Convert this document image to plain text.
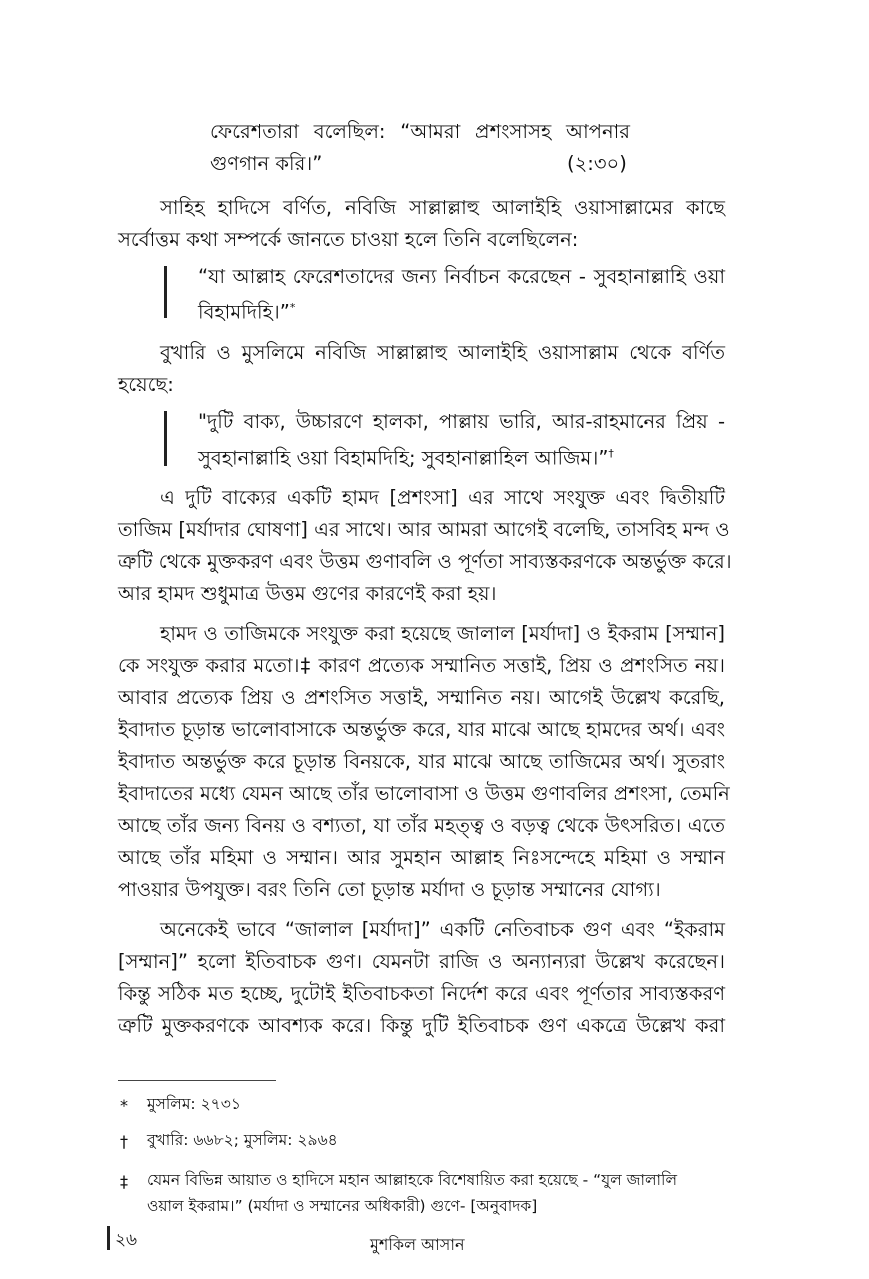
ফেরেশতারা বলেছিল: “আমরা প্রশংসাসহ আপনার
গুণগান করি।”	(২:৩০)
সাহিহ হাদিসে বর্ণিত, নবিজি সাল্লাল্লাহু আলাইহি ওয়াসাল্লামের কাছে
সর্বোত্তম কথা সম্পর্কে জানতে চাওয়া হলে তিনি বলেছিলেন:
“যা আল্লাহ ফেরেশতাদের জন্য নির্বাচন করেছেন - সুবহানাল্লাহি ওয়া
বিহামদিহি।”*
বুখারি ও মুসলিমে নবিজি সাল্লাল্লাহু আলাইহি ওয়াসাল্লাম থেকে বর্ণিত
হয়েছে:
"দুটি বাক্য, উচ্চারণে হালকা, পাল্লায় ভারি, আর-রাহমানের প্রিয় -
সুবহানাল্লাহি ওয়া বিহামদিহি; সুবহানাল্লাহিল আজিম।”†
এ দুটি বাক্যের একটি হামদ [প্রশংসা] এর সাথে সংযুক্ত এবং দ্বিতীয়টি
তাজিম [মর্যাদার ঘোষণা] এর সাথে। আর আমরা আগেই বলেছি, তাসবিহ মন্দ ও
ত্রুটি থেকে মুক্তকরণ এবং উত্তম গুণাবলি ও পূর্ণতা সাব্যস্তকরণকে অন্তর্ভুক্ত করে।
আর হামদ শুধুমাত্র উত্তম গুণের কারণেই করা হয়।
হামদ ও তাজিমকে সংযুক্ত করা হয়েছে জালাল [মর্যাদা] ও ইকরাম [সম্মান]
কে সংযুক্ত করার মতো।‡ কারণ প্রত্যেক সম্মানিত সত্তাই, প্রিয় ও প্রশংসিত নয়।
আবার প্রত্যেক প্রিয় ও প্রশংসিত সত্তাই, সম্মানিত নয়। আগেই উল্লেখ করেছি,
ইবাদাত চূড়ান্ত ভালোবাসাকে অন্তর্ভুক্ত করে, যার মাঝে আছে হামদের অর্থ। এবং
ইবাদাত অন্তর্ভুক্ত করে চূড়ান্ত বিনয়কে, যার মাঝে আছে তাজিমের অর্থ। সুতরাং
ইবাদাতের মধ্যে যেমন আছে তাঁর ভালোবাসা ও উত্তম গুণাবলির প্রশংসা, তেমনি
আছে তাঁর জন্য বিনয় ও বশ্যতা, যা তাঁর মহত্ত্ব ও বড়ত্ব থেকে উৎসরিত। এতে
আছে তাঁর মহিমা ও সম্মান। আর সুমহান আল্লাহ নিঃসন্দেহে মহিমা ও সম্মান
পাওয়ার উপযুক্ত। বরং তিনি তো চূড়ান্ত মর্যাদা ও চূড়ান্ত সম্মানের যোগ্য।
অনেকেই ভাবে “জালাল [মর্যাদা]” একটি নেতিবাচক গুণ এবং “ইকরাম
[সম্মান]” হলো ইতিবাচক গুণ। যেমনটা রাজি ও অন্যান্যরা উল্লেখ করেছেন।
কিন্তু সঠিক মত হচ্ছে, দুটোই ইতিবাচকতা নির্দেশ করে এবং পূর্ণতার সাব্যস্তকরণ
ত্রুটি মুক্তকরণকে আবশ্যক করে। কিন্তু দুটি ইতিবাচক গুণ একত্রে উল্লেখ করা
* মুসলিম: ২৭৩১
† বুখারি: ৬৬৮২; মুসলিম: ২৯৬৪
‡ যেমন বিভিন্ন আয়াত ও হাদিসে মহান আল্লাহকে বিশেষায়িত করা হয়েছে - “যুল জালালি
ওয়াল ইকরাম।” (মর্যাদা ও সম্মানের অধিকারী) গুণে- [অনুবাদক]
২৬	মুশকিল আসান
